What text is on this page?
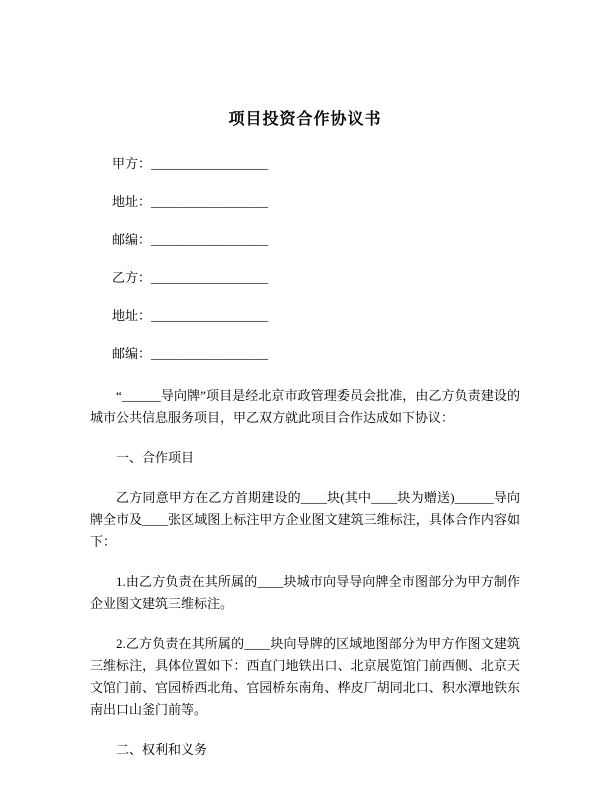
项目投资合作协议书
甲方：__________________
地址：__________________
邮编：__________________
乙方：__________________
地址：__________________
邮编：__________________

“______导向牌”项目是经北京市政管理委员会批准，由乙方负责建设的城市公共信息服务项目，甲乙双方就此项目合作达成如下协议：

一、合作项目

乙方同意甲方在乙方首期建设的____块(其中____块为赠送)______导向牌全市及____张区域图上标注甲方企业图文建筑三维标注，具体合作内容如下：

1.由乙方负责在其所属的____块城市向导导向牌全市图部分为甲方制作企业图文建筑三维标注。

2.乙方负责在其所属的____块向导牌的区域地图部分为甲方作图文建筑三维标注，具体位置如下：西直门地铁出口、北京展览馆门前西侧、北京天文馆门前、官园桥西北角、官园桥东南角、桦皮厂胡同北口、积水潭地铁东南出口山釜门前等。

二、权利和义务
